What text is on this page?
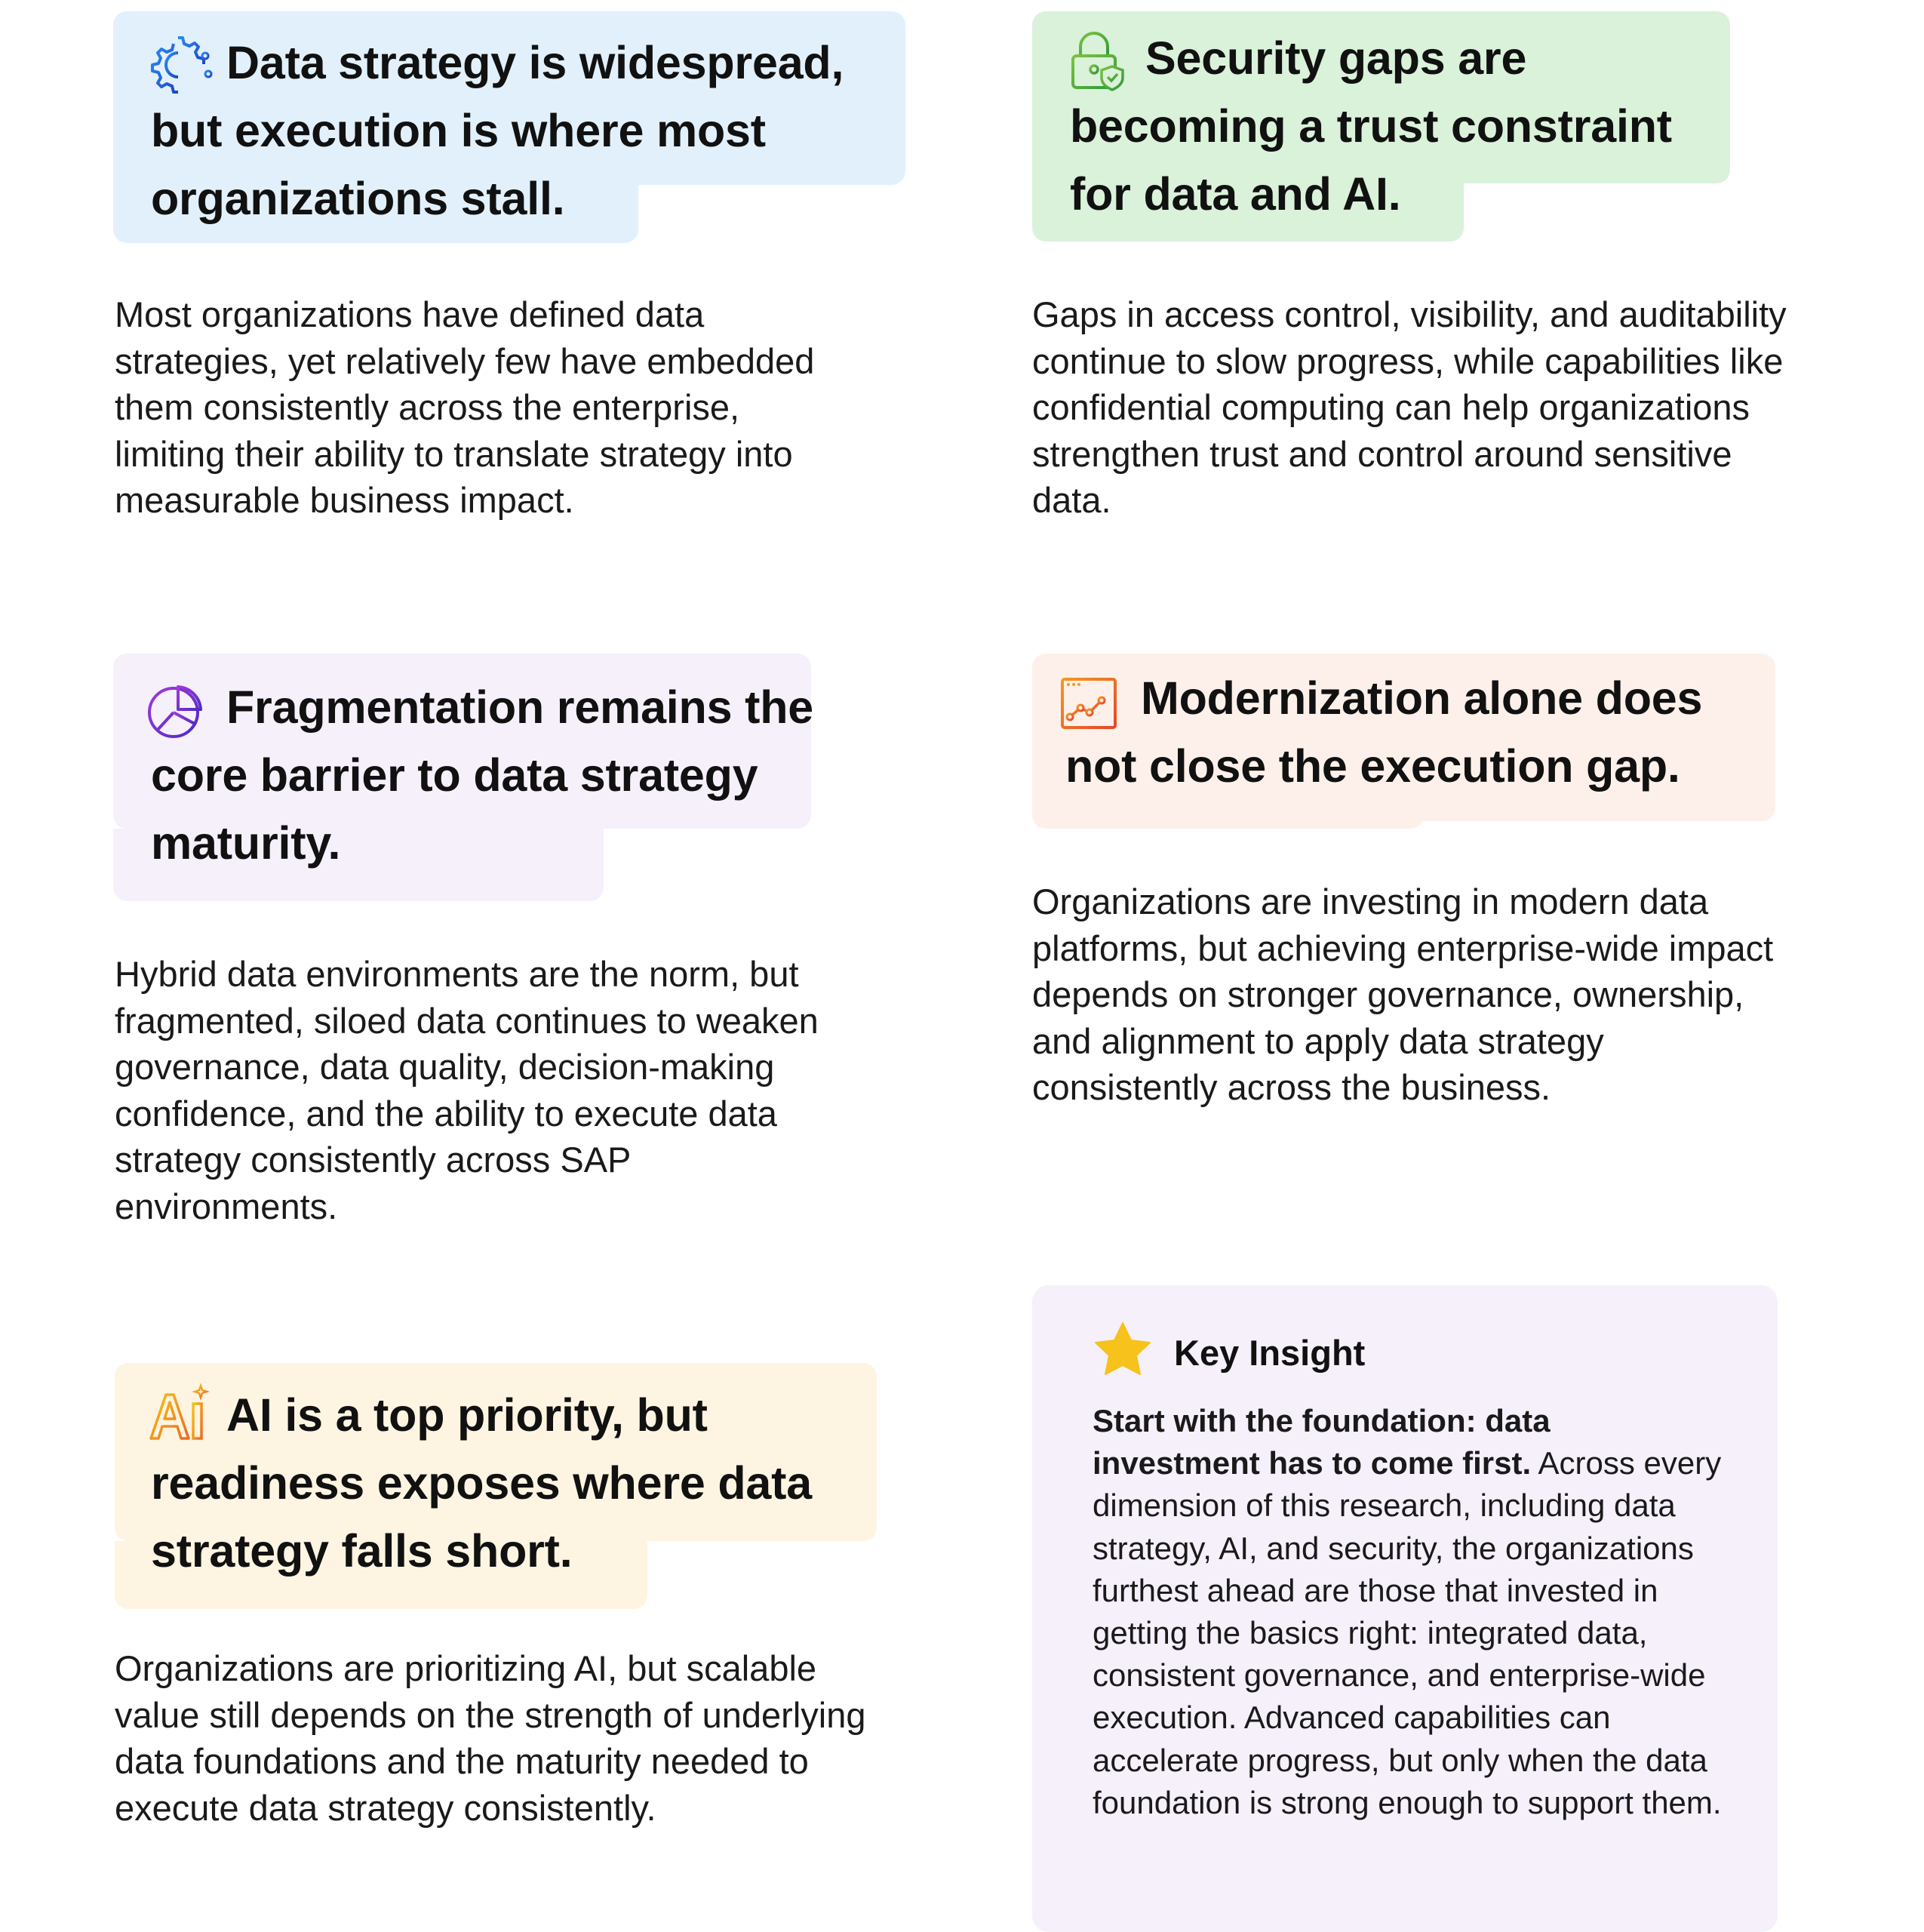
Data strategy is widespread, but execution is where most organizations stall.

Most organizations have defined data strategies, yet relatively few have embedded them consistently across the enterprise, limiting their ability to translate strategy into measurable business impact.

Security gaps are becoming a trust constraint for data and AI.

Gaps in access control, visibility, and auditability continue to slow progress, while capabilities like confidential computing can help organizations strengthen trust and control around sensitive data.

Fragmentation remains the core barrier to data strategy maturity.

Hybrid data environments are the norm, but fragmented, siloed data continues to weaken governance, data quality, decision-making confidence, and the ability to execute data strategy consistently across SAP environments.

Modernization alone does not close the execution gap.

Organizations are investing in modern data platforms, but achieving enterprise-wide impact depends on stronger governance, ownership, and alignment to apply data strategy consistently across the business.

AI is a top priority, but readiness exposes where data strategy falls short.

Organizations are prioritizing AI, but scalable value still depends on the strength of underlying data foundations and the maturity needed to execute data strategy consistently.

Key Insight

Start with the foundation: data investment has to come first. Across every dimension of this research, including data strategy, AI, and security, the organizations furthest ahead are those that invested in getting the basics right: integrated data, consistent governance, and enterprise-wide execution. Advanced capabilities can accelerate progress, but only when the data foundation is strong enough to support them.
